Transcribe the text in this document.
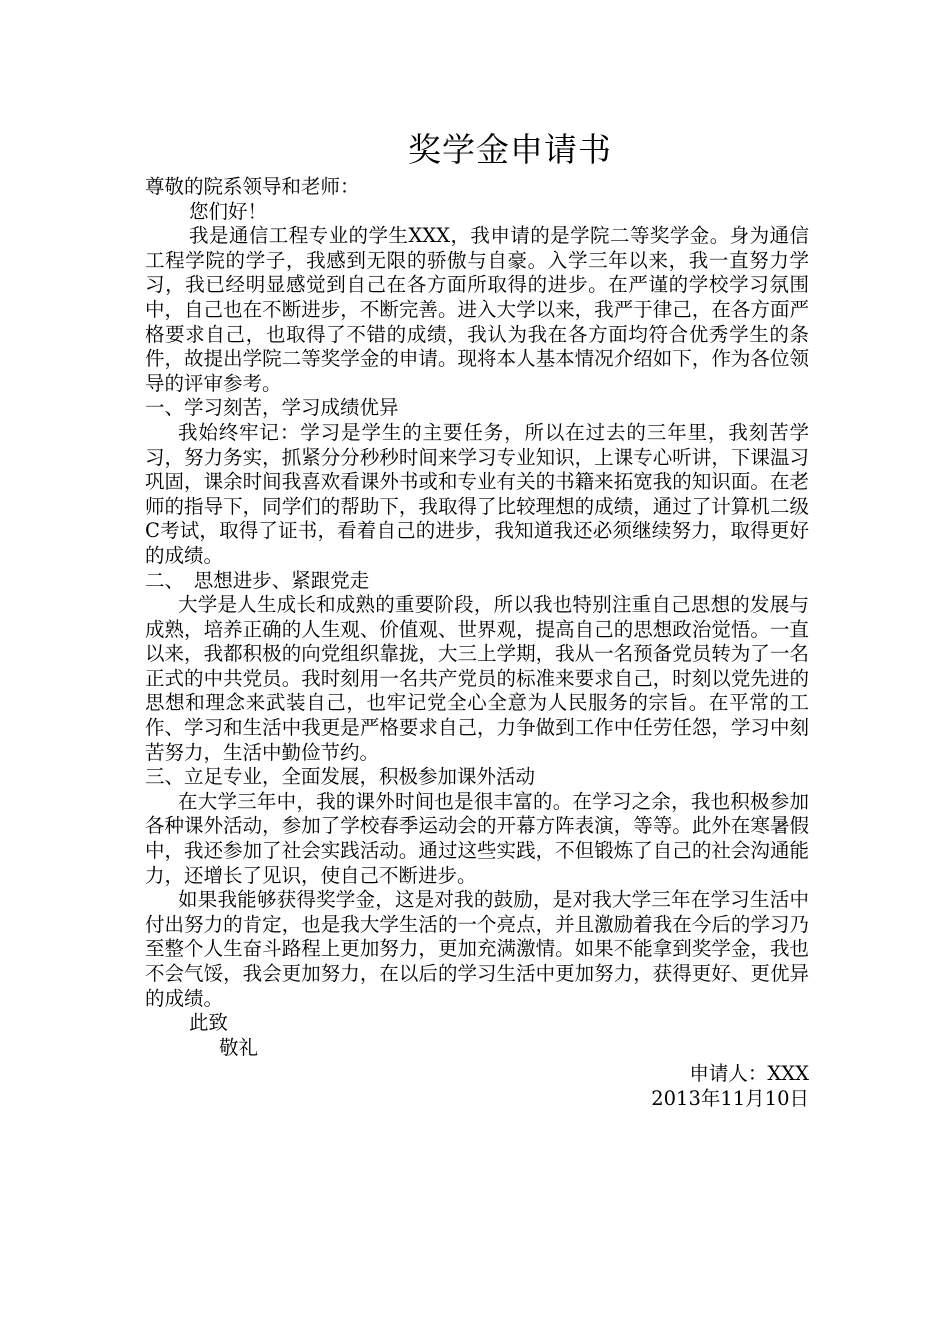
奖学金申请书

尊敬的院系领导和老师：

您们好！

我是通信工程专业的学生XXX，我申请的是学院二等奖学金。身为通信工程学院的学子，我感到无限的骄傲与自豪。入学三年以来，我一直努力学习，我已经明显感觉到自己在各方面所取得的进步。在严谨的学校学习氛围中，自己也在不断进步，不断完善。进入大学以来，我严于律己，在各方面严格要求自己，也取得了不错的成绩，我认为我在各方面均符合优秀学生的条件，故提出学院二等奖学金的申请。现将本人基本情况介绍如下，作为各位领导的评审参考。

一、学习刻苦，学习成绩优异

我始终牢记：学习是学生的主要任务，所以在过去的三年里，我刻苦学习，努力务实，抓紧分分秒秒时间来学习专业知识，上课专心听讲，下课温习巩固，课余时间我喜欢看课外书或和专业有关的书籍来拓宽我的知识面。在老师的指导下，同学们的帮助下，我取得了比较理想的成绩，通过了计算机二级C考试，取得了证书，看着自己的进步，我知道我还必须继续努力，取得更好的成绩。

二、　思想进步、紧跟党走

大学是人生成长和成熟的重要阶段，所以我也特别注重自己思想的发展与成熟，培养正确的人生观、价值观、世界观，提高自己的思想政治觉悟。一直以来，我都积极的向党组织靠拢，大三上学期，我从一名预备党员转为了一名正式的中共党员。我时刻用一名共产党员的标准来要求自己，时刻以党先进的思想和理念来武装自己，也牢记党全心全意为人民服务的宗旨。在平常的工作、学习和生活中我更是严格要求自己，力争做到工作中任劳任怨，学习中刻苦努力，生活中勤俭节约。

三、立足专业，全面发展，积极参加课外活动

在大学三年中，我的课外时间也是很丰富的。在学习之余，我也积极参加各种课外活动，参加了学校春季运动会的开幕方阵表演，等等。此外在寒暑假中，我还参加了社会实践活动。通过这些实践，不但锻炼了自己的社会沟通能力，还增长了见识，使自己不断进步。

如果我能够获得奖学金，这是对我的鼓励，是对我大学三年在学习生活中付出努力的肯定，也是我大学生活的一个亮点，并且激励着我在今后的学习乃至整个人生奋斗路程上更加努力，更加充满激情。如果不能拿到奖学金，我也不会气馁，我会更加努力，在以后的学习生活中更加努力，获得更好、更优异的成绩。

此致

敬礼

申请人：XXX

2013年11月10日
